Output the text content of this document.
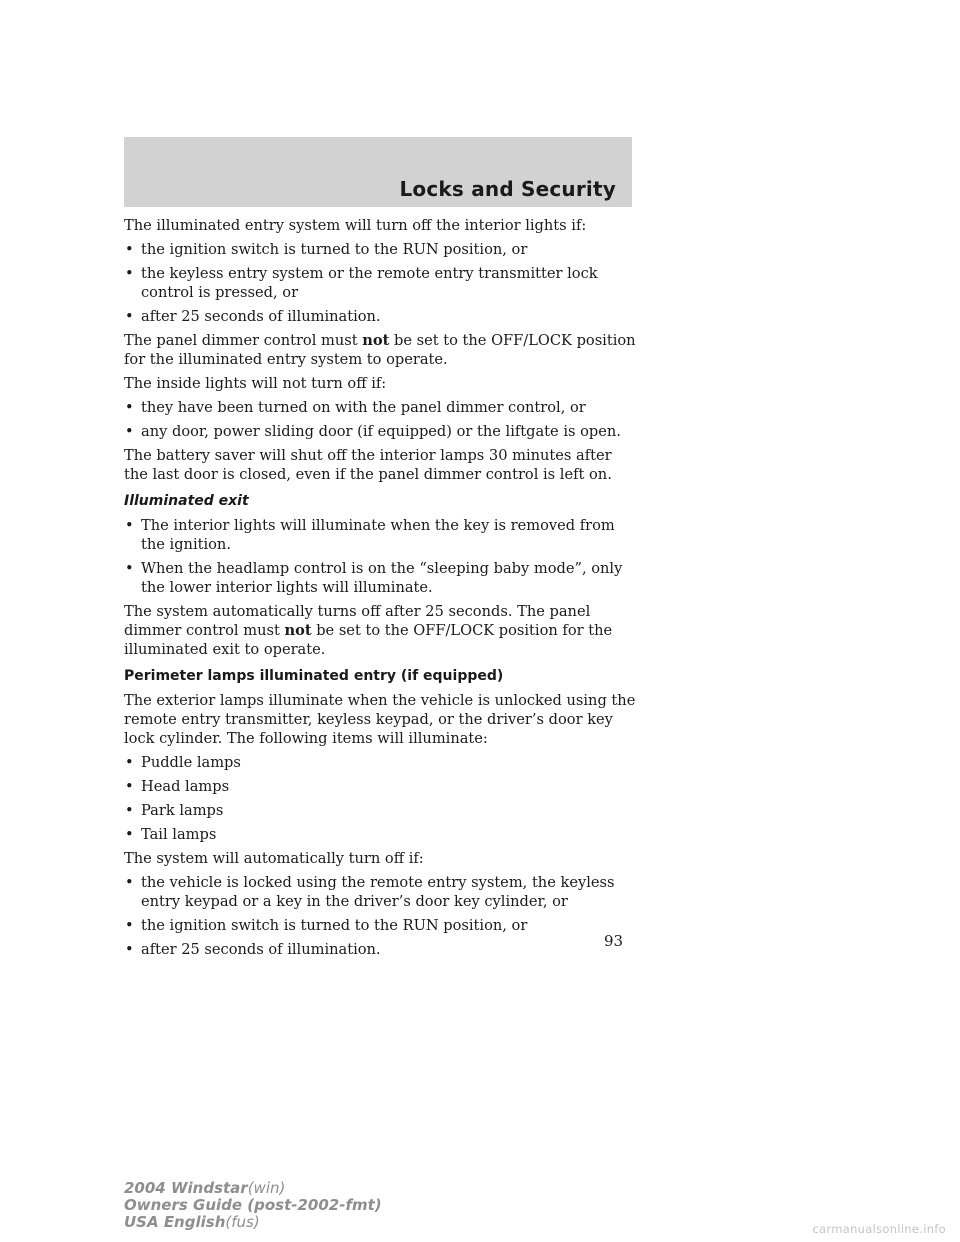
Locks and Security

The illuminated entry system will turn off the interior lights if:

• the ignition switch is turned to the RUN position, or
• the keyless entry system or the remote entry transmitter lock control is pressed, or
• after 25 seconds of illumination.

The panel dimmer control must not be set to the OFF/LOCK position for the illuminated entry system to operate.

The inside lights will not turn off if:

• they have been turned on with the panel dimmer control, or
• any door, power sliding door (if equipped) or the liftgate is open.

The battery saver will shut off the interior lamps 30 minutes after the last door is closed, even if the panel dimmer control is left on.

Illuminated exit
• The interior lights will illuminate when the key is removed from the ignition.
• When the headlamp control is on the “sleeping baby mode”, only the lower interior lights will illuminate.

The system automatically turns off after 25 seconds. The panel dimmer control must not be set to the OFF/LOCK position for the illuminated exit to operate.

Perimeter lamps illuminated entry (if equipped)

The exterior lamps illuminate when the vehicle is unlocked using the remote entry transmitter, keyless keypad, or the driver’s door key lock cylinder. The following items will illuminate:

• Puddle lamps
• Head lamps
• Park lamps
• Tail lamps

The system will automatically turn off if:

• the vehicle is locked using the remote entry system, the keyless entry keypad or a key in the driver’s door key cylinder, or
• the ignition switch is turned to the RUN position, or
• after 25 seconds of illumination.	93
2004 Windstar(win)
Owners Guide (post-2002-fmt)
USA English(fus)	carmanualsonline.info
